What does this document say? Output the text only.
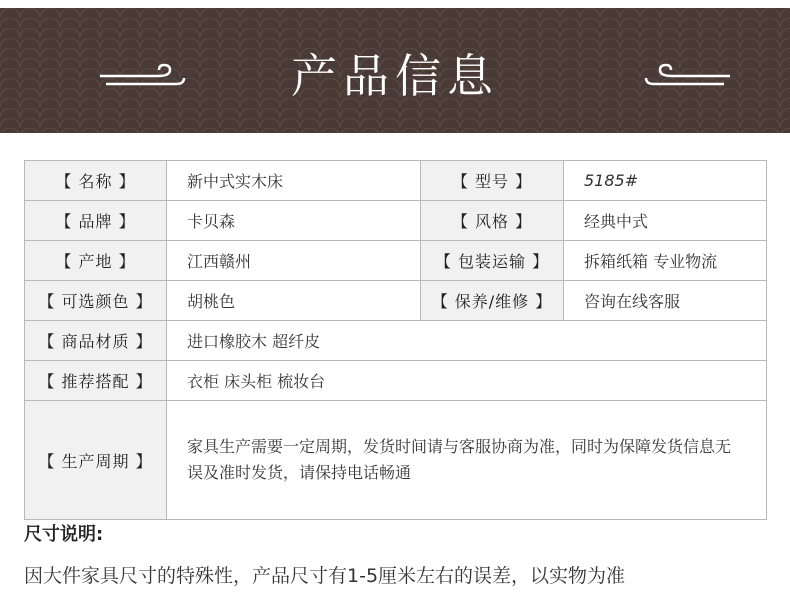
产品信息
【 名称 】	新中式实木床	【 型号 】	5185#
【 品牌 】	卡贝森	【 风格 】	经典中式
【 产地 】	江西赣州	【 包装运输 】	拆箱纸箱 专业物流
【 可选颜色 】	胡桃色	【 保养/维修 】	咨询在线客服
【 商品材质 】	进口橡胶木 超纤皮		
【 推荐搭配 】	衣柜 床头柜 梳妆台		
【 生产周期 】	家具生产需要一定周期，发货时间请与客服协商为准，同时为保障发货信息无误及准时发货，请保持电话畅通		
尺寸说明:
因大件家具尺寸的特殊性，产品尺寸有1-5厘米左右的误差，以实物为准
